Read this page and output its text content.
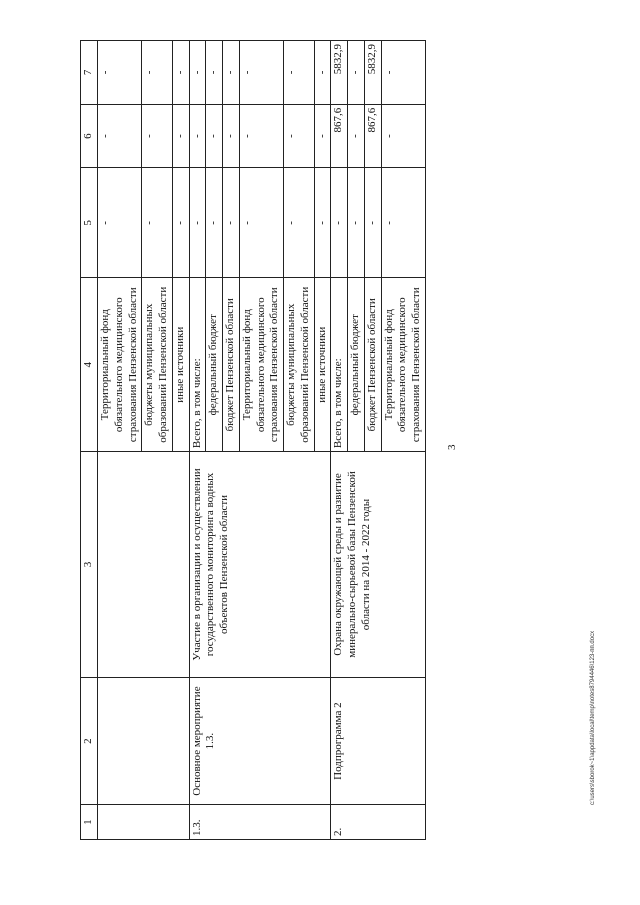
3
c:\users\sborok~1\appdata\local\temp\notes8794446\123-пп.docx
1	2	3	4	5	6	7
			Территориальный фонд обязательного медицинского страхования Пензенской области	-	-	-
			бюджеты муниципальных образований Пензенской области	-	-	-
			иные источники	-	-	-
1.3.	Основное мероприятие 1.3.	Участие в организации и осуществлении государственного мониторинга водных объектов Пензенской области	Всего, в том числе:	-	-	-
			федеральный бюджет	-	-	-
			бюджет Пензенской области	-	-	-
			Территориальный фонд обязательного медицинского страхования Пензенской области	-	-	-
			бюджеты муниципальных образований Пензенской области	-	-	-
			иные источники	-	-	-
2.	Подпрограмма 2	Охрана окружающей среды и развитие минерально-сырьевой базы Пензенской области на 2014 - 2022 годы	Всего, в том числе:	-	867,6	5832,9
			федеральный бюджет	-	-	-
			бюджет Пензенской области	-	867,6	5832,9
			Территориальный фонд обязательного медицинского страхования Пензенской области	-	-	-
